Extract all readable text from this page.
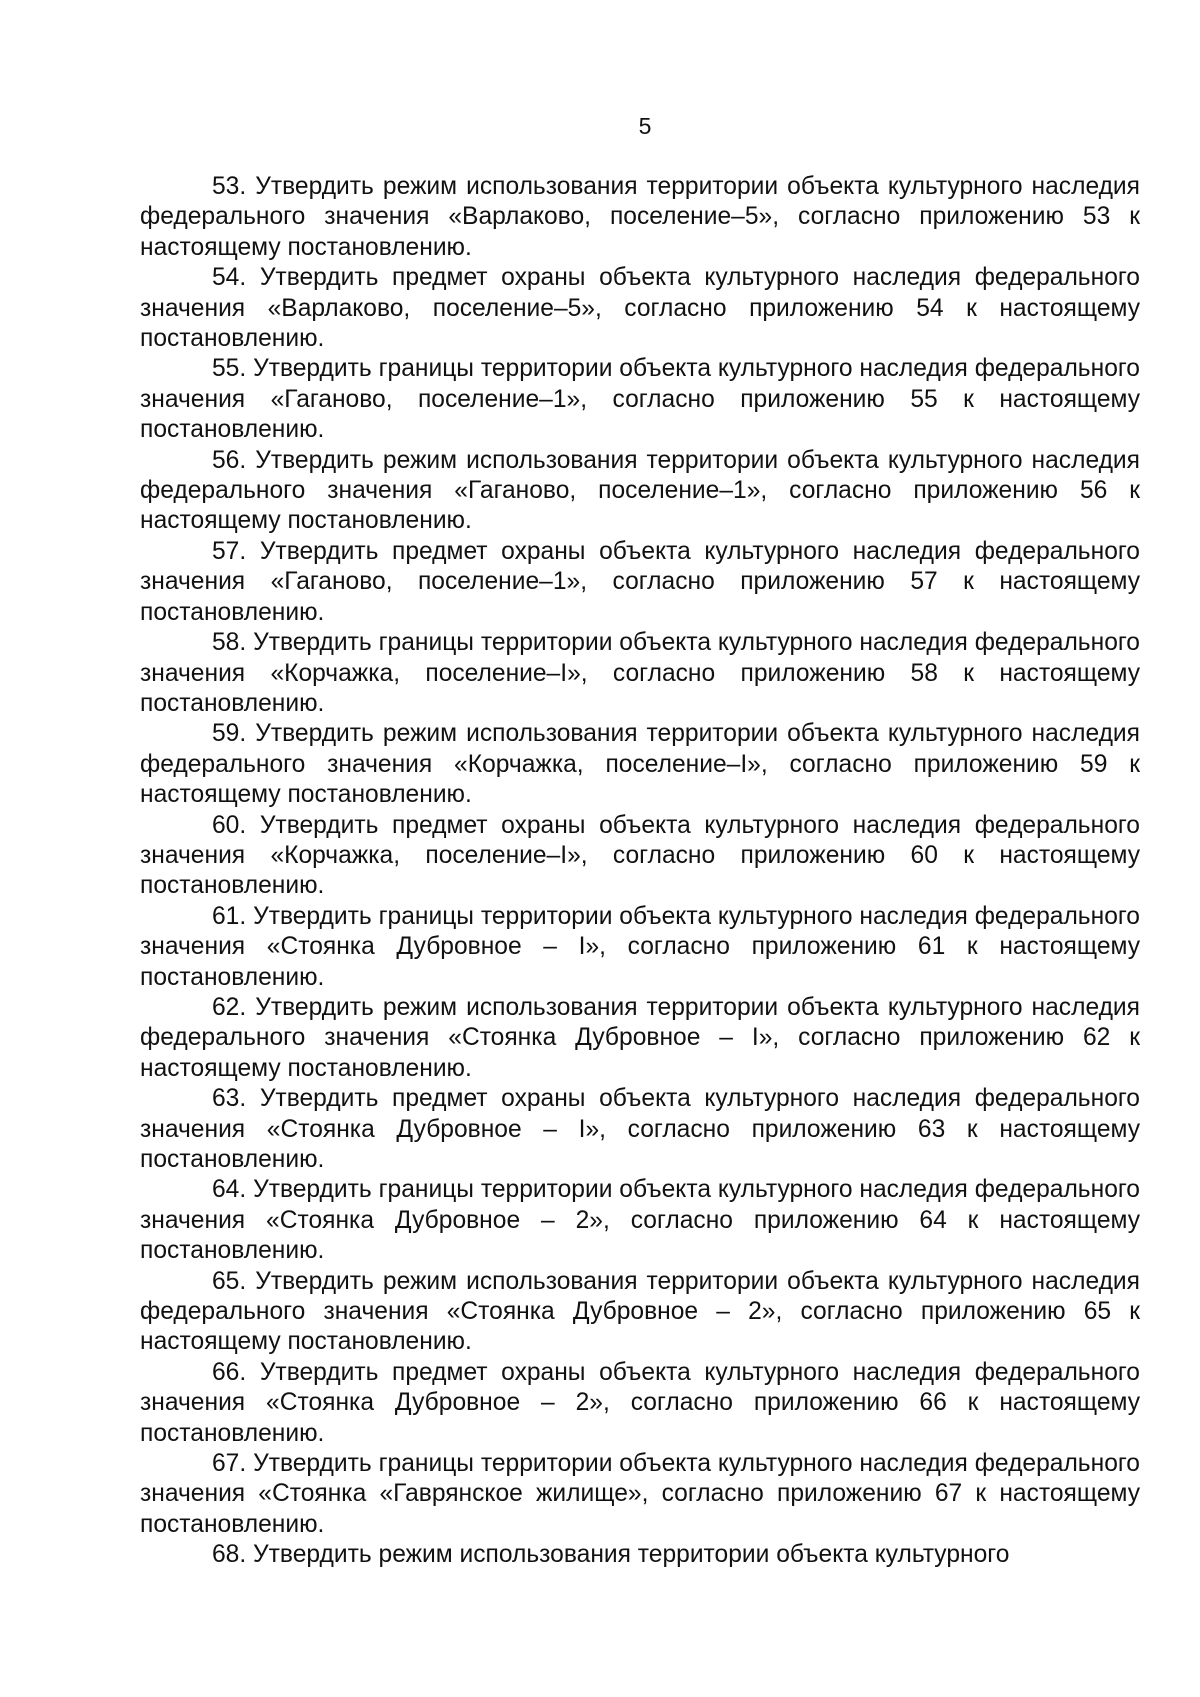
5

53. Утвердить режим использования территории объекта культурного наследия федерального значения «Варлаково, поселение–5», согласно приложению 53 к настоящему постановлению.

54. Утвердить предмет охраны объекта культурного наследия федерального значения «Варлаково, поселение–5», согласно приложению 54 к настоящему постановлению.

55. Утвердить границы территории объекта культурного наследия федерального значения «Гаганово, поселение–1», согласно приложению 55 к настоящему постановлению.

56. Утвердить режим использования территории объекта культурного наследия федерального значения «Гаганово, поселение–1», согласно приложению 56 к настоящему постановлению.

57. Утвердить предмет охраны объекта культурного наследия федерального значения «Гаганово, поселение–1», согласно приложению 57 к настоящему постановлению.

58. Утвердить границы территории объекта культурного наследия федерального значения «Корчажка, поселение–I», согласно приложению 58 к настоящему постановлению.

59. Утвердить режим использования территории объекта культурного наследия федерального значения «Корчажка, поселение–I», согласно приложению 59 к настоящему постановлению.

60. Утвердить предмет охраны объекта культурного наследия федерального значения «Корчажка, поселение–I», согласно приложению 60 к настоящему постановлению.

61. Утвердить границы территории объекта культурного наследия федерального значения «Стоянка Дубровное – I», согласно приложению 61 к настоящему постановлению.

62. Утвердить режим использования территории объекта культурного наследия федерального значения «Стоянка Дубровное – I», согласно приложению 62 к настоящему постановлению.

63. Утвердить предмет охраны объекта культурного наследия федерального значения «Стоянка Дубровное – I», согласно приложению 63 к настоящему постановлению.

64. Утвердить границы территории объекта культурного наследия федерального значения «Стоянка Дубровное – 2», согласно приложению 64 к настоящему постановлению.

65. Утвердить режим использования территории объекта культурного наследия федерального значения «Стоянка Дубровное – 2», согласно приложению 65 к настоящему постановлению.

66. Утвердить предмет охраны объекта культурного наследия федерального значения «Стоянка Дубровное – 2», согласно приложению 66 к настоящему постановлению.

67. Утвердить границы территории объекта культурного наследия федерального значения «Стоянка «Гаврянское жилище», согласно приложению 67 к настоящему постановлению.

68. Утвердить режим использования территории объекта культурного
